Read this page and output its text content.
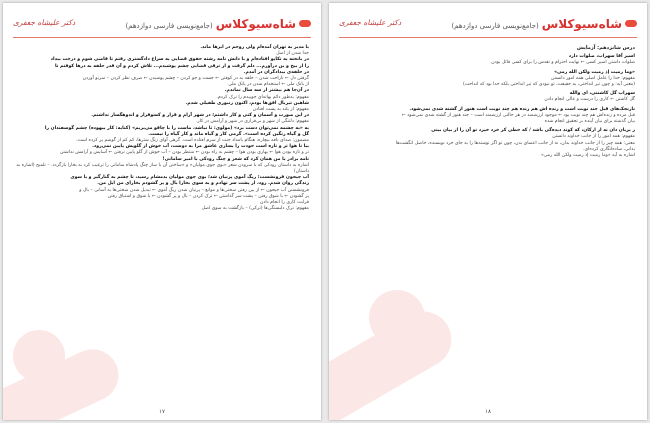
دکتر علیشاه جعفری	شاه‌سیوکلاس(جامع‌نویسی فارسی دوازدهم)
با مدیر به تهران آمده‌ام ولی روحم در ابرها ماند.
جدا شدن از اصل
در باتخته به تکاپو افتاده‌ام و با دانش نامه رشته حقوق قضایی به سراغ دادگستری رفتم تا قاضی شوم و درخت بیداد
را از بیخ و بن درآورم... دلم گرفت و از ترقی قضایی چشم پوشیدم... تلاش کردم و آن قدر حلقه به درها کوفتم تا
در حلقه‌ی بیدادگران در آمدم.
گرفتن دل ← ناراحت شدن – حلقه به در کوفتن ← جست و جو کردن – چشم پوشیدن ← صرف نظر کردن – سرنو آوردن
از بانک ملی ← استخدام شدن در بانک ملی
در آن‌جا هم بیشتر از سه سال نماندم.
مفهوم: به‌طور دائم بهانه‌ای جوییدم را ترک کردم.
شاهین تیزبال افق‌ها بودم، اکنون زنبوری طفیلی شدم.
مفهوم: از بلند به پست افتادن
در این صورت و آسمان و کتی و کار داشتم؛ در شهر آرام و قرار و کسوقرار و اندوهگسار نداشتم.
مفهوم: دلتنگی از شهر و بی‌قراری در شهر و آرامش در کار.
به «به چشمه نمی‌توان دست برد» (مولوی: تا نباشد، ماست را با چاقو می‌بریم» (کنایه: کار بیهوده) چشم گوسفندان را
گل و گیاه رنگین کرده است». گرمی کار و گیاه ماند و کار گیاه را نیست.
مضمون: صدای ناقه بیچاره، هنگام بامداد جنت از سرم افتاده است. گرهی آوای زنگ شترها، کم کم از گوشم پر کرده است.
بیا تا هوا تر و تازه است خودت را بسازی عاشق مرا به دوست، آب خوش از گلویش پایین نمی‌رود.
تر و تازه بودن هوا ← بهاری بودن هوا – چشم به راه بودن ← منتظر بودن – آب خوش از گلو پایین نرفتن ← آسایش و آرامش نداشتن
نامه برادر با من همان کرد که شعر و چنگ رودکی با امیر سامانی!
اشاره به داستان رودکی که با سرودن شعر «بوی جوی مولیان» و «ساختن آن با ساز چنگ پادشاه سامانی را ترغیب کرد به بخارا بازگردد. – تلمیح (اشاره به داستان)
آب جیحون فرونشست؛ ریگ آموی پرنیان شد؛ بوی جوی مولیان بدمشام رسید، تا چشم به گنارگیر و یا سوی
زندگی روان شدم. زود، از پشت سر نهادم و به سوی بخارا بال و پر گشودم بخارای من ایل من.
فرونشستن آب جیحون ← از بین رفتن سختی‌ها و موانع – پرنیان شدن ریگ آموی ← تبدیل شدن سختی‌ها به آسانی – بال و
پر گشودن ← با شوق رفتن – پشت سر گذاشتن ← ترک کردن – بال و پر گشودن ← با شوق و اشتیاق رفتن
قرابت کاری را انجام دادن
مفهوم: ترک دلبستگی‌ها (ترکی) – بازگشت به سوی اصل
۱۷
دکتر علیشاه جعفری	شاه‌سیوکلاس(جامع‌نویسی فارسی دوازدهم)
درس شانزدهم: آزمایش
اسیر آقا سهراب، صلوات دارد
صلوات داشتن اسیر کسی ← نهایت احترام و تقدس را برای کسی قائل بودن
«وما رمیت إذ رمیت ولکن الله رمی»
مفهوم: خدا را عامل اصلی همه امور دانستن
(معنی آیه: و چون تیر انداختی، به حقیقت، تو نبودی که تیر انداختی بلکه خدا بود که انداخت)
سهراب گل کاشتنی، ای والله
گل کاشتن ← کاری را درست و عالی انجام دادن
نارنجک‌های قبل جند نوبت است و زنده اش هم زنده هم چند نوبت است هنوز از گشته شدی نمی‌شود.
قبل مرده و زنده‌اش هم چند نوبت بود ← موجود ارزشمند در هر حالتی ارزشمند است – جند هنوز از گشته شدی نمی‌شود ←
بیان گذشته برای بیان آینده بر تحقیق انجام شده
ز بزبان دان نه از ارکان، که کوند دیده‌گی باشد / که خطی کز خرد خیزد تو آن را از بیان بینی
مفهوم: همه امور را از جانب خداوند دانستن
معنی: همه چیز را از جانب خداوند بدان، نه از جانب اعضای بدن، چون تو اگر نوشته‌ها را به جای خرد نویسنده، حاصل انگشت‌ها
بدانی، ساده‌انگاری کرده‌ای.
اشاره به آیه «وما رمیت إذ رمیت ولکن الله رمی»
۱۸
